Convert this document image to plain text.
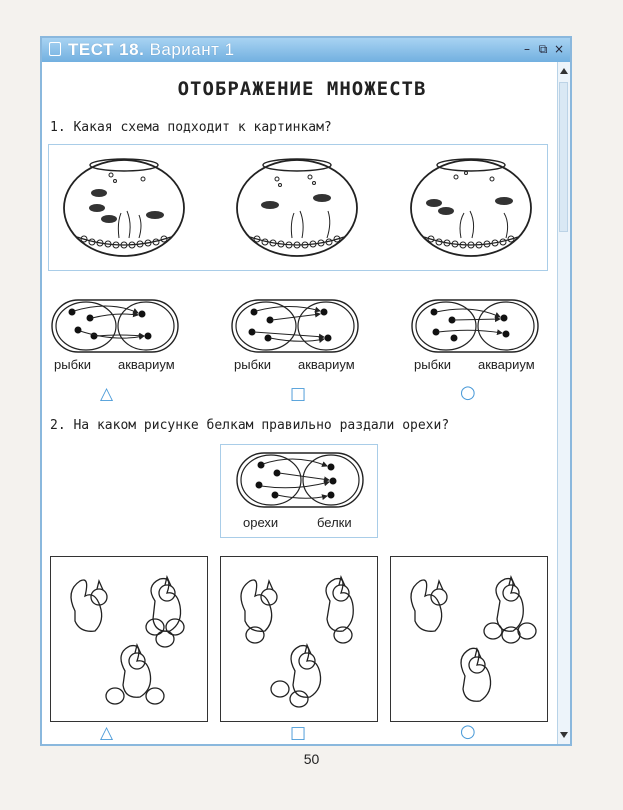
ТЕСТ 18. Вариант 1	– ⧉ ×
ОТОБРАЖЕНИЕ МНОЖЕСТВ
1. Какая схема подходит к картинкам?
рыбки аквариум	рыбки аквариум	рыбки аквариум
△	□	○
2. На каком рисунке белкам правильно раздали орехи?
орехи	белки
△	□	○
50
